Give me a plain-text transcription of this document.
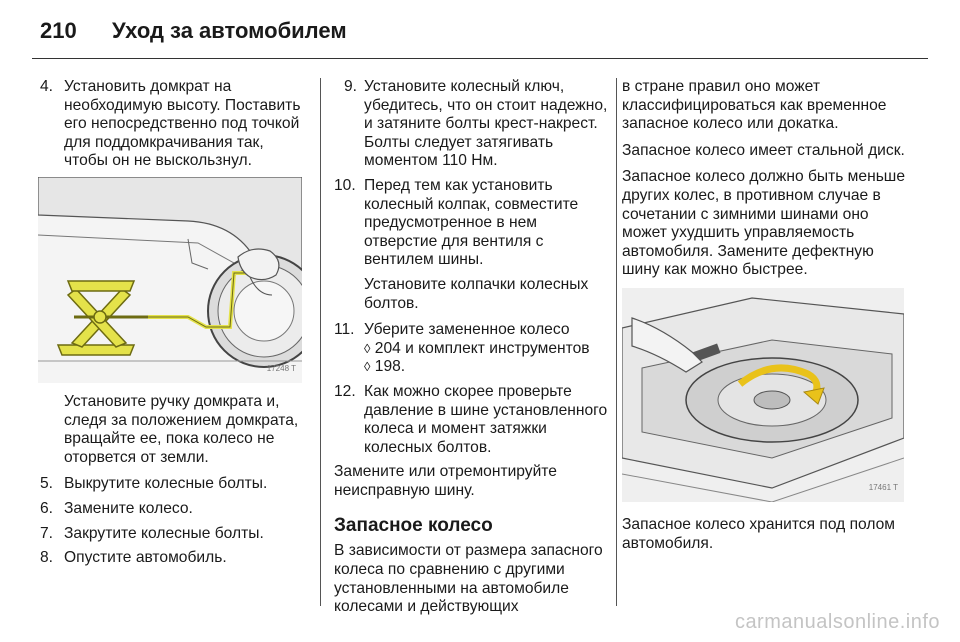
210 Уход за автомобилем
4. Установить домкрат на необходимую высоту. Поставить его непосредственно под точкой для поддомкрачивания так, чтобы он не выскользнул.
17248 T
Установите ручку домкрата и, следя за положением домкрата, вращайте ее, пока колесо не оторвется от земли.
5. Выкрутите колесные болты.
6. Замените колесо.
7. Закрутите колесные болты.
8. Опустите автомобиль.
9. Установите колесный ключ, убедитесь, что он стоит надежно, и затяните болты крест-накрест. Болты следует затягивать моментом 110 Нм.
10. Перед тем как установить колесный колпак, совместите предусмотренное в нем отверстие для вентиля с вентилем шины.
Установите колпачки колесных болтов.
11. Уберите замененное колесо
◊ 204 и комплект инструментов
◊ 198.
12. Как можно скорее проверьте давление в шине установленного колеса и момент затяжки колесных болтов.
Замените или отремонтируйте неисправную шину.
Запасное колесо
В зависимости от размера запасного колеса по сравнению с другими установленными на автомобиле колесами и действующих
в стране правил оно может классифицироваться как временное запасное колесо или докатка.
Запасное колесо имеет стальной диск.
Запасное колесо должно быть меньше других колес, в противном случае в сочетании с зимними шинами оно может ухудшить управляемость автомобиля. Замените дефектную шину как можно быстрее.
17461 T
Запасное колесо хранится под полом автомобиля.
carmanualsonline.info
